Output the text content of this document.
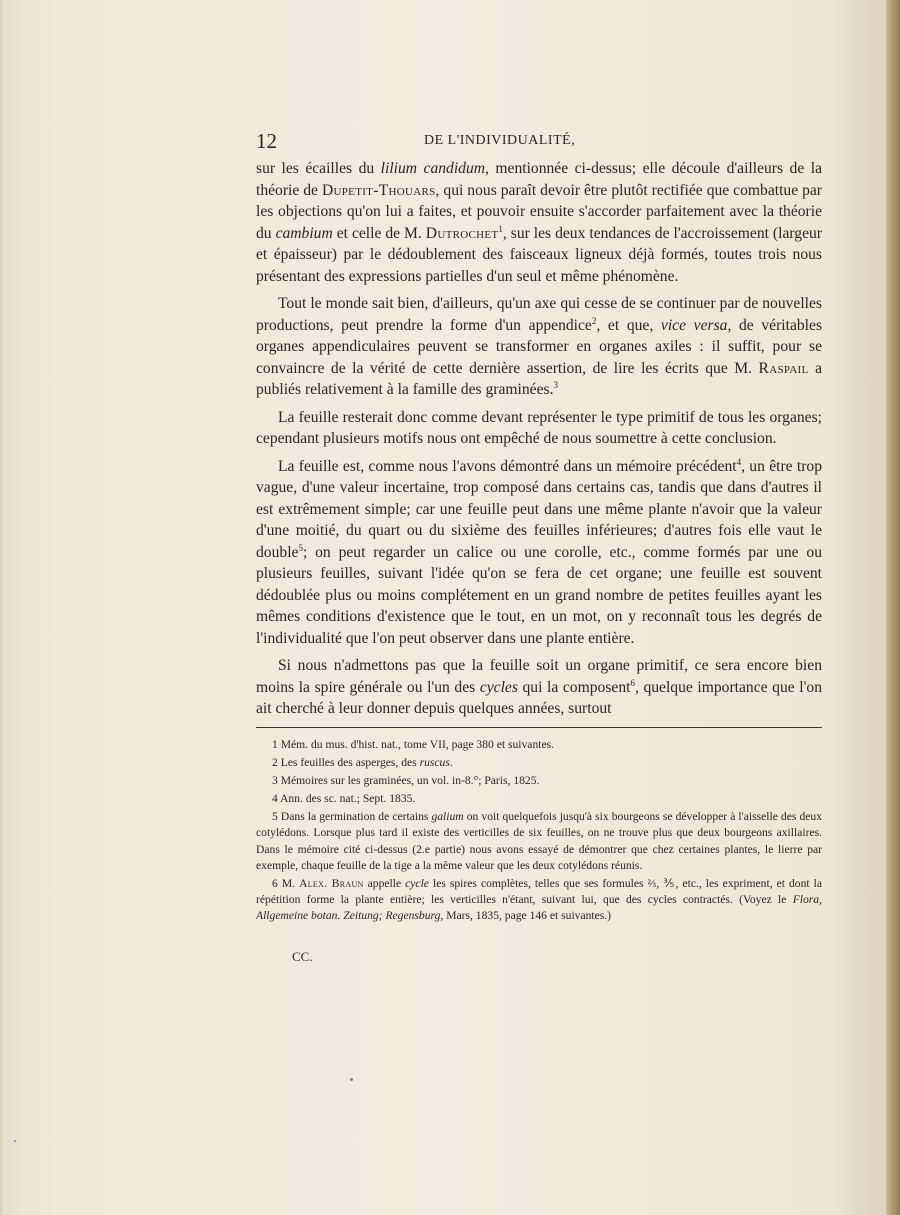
12	DE L'INDIVIDUALITÉ,

sur les écailles du lilium candidum, mentionnée ci-dessus; elle découle d'ailleurs de la théorie de Dupetit-Thouars, qui nous paraît devoir être plutôt rectifiée que combattue par les objections qu'on lui a faites, et pouvoir ensuite s'accorder parfaitement avec la théorie du cambium et celle de M. Dutrochet$^1$, sur les deux tendances de l'accroissement (largeur et épaisseur) par le dédoublement des faisceaux ligneux déjà formés, toutes trois nous présentant des expressions partielles d'un seul et même phénomène.

Tout le monde sait bien, d'ailleurs, qu'un axe qui cesse de se continuer par de nouvelles productions, peut prendre la forme d'un appendice$^2$, et que, vice versa, de véritables organes appendiculaires peuvent se transformer en organes axiles : il suffit, pour se convaincre de la vérité de cette dernière assertion, de lire les écrits que M. Raspail a publiés relativement à la famille des graminées.$^3$

La feuille resterait donc comme devant représenter le type primitif de tous les organes; cependant plusieurs motifs nous ont empêché de nous soumettre à cette conclusion.

La feuille est, comme nous l'avons démontré dans un mémoire précédent$^4$, un être trop vague, d'une valeur incertaine, trop composé dans certains cas, tandis que dans d'autres il est extrêmement simple; car une feuille peut dans une même plante n'avoir que la valeur d'une moitié, du quart ou du sixième des feuilles inférieures; d'autres fois elle vaut le double$^5$; on peut regarder un calice ou une corolle, etc., comme formés par une ou plusieurs feuilles, suivant l'idée qu'on se fera de cet organe; une feuille est souvent dédoublée plus ou moins complétement en un grand nombre de petites feuilles ayant les mêmes conditions d'existence que le tout, en un mot, on y reconnaît tous les degrés de l'individualité que l'on peut observer dans une plante entière.

Si nous n'admettons pas que la feuille soit un organe primitif, ce sera encore bien moins la spire générale ou l'un des cycles qui la composent$^6$, quelque importance que l'on ait cherché à leur donner depuis quelques années, surtout

1 Mém. du mus. d'hist. nat., tome VII, page 380 et suivantes.

2 Les feuilles des asperges, des ruscus.

3 Mémoires sur les graminées, un vol. in-8.°; Paris, 1825.

4 Ann. des sc. nat.; Sept. 1835.

5 Dans la germination de certains galium on voit quelquefois jusqu'à six bourgeons se développer à l'aisselle des deux cotylédons. Lorsque plus tard il existe des verticilles de six feuilles, on ne trouve plus que deux bourgeons axillaires. Dans le mémoire cité ci-dessus (2.e partie) nous avons essayé de démontrer que chez certaines plantes, le lierre par exemple, chaque feuille de la tige a la même valeur que les deux cotylédons réunis.

6 M. Alex. Braun appelle cycle les spires complètes, telles que ses formules ⅔, ⅗, etc., les expriment, et dont la répétition forme la plante entière; les verticilles n'étant, suivant lui, que des cycles contractés. (Voyez le Flora, Allgemeine botan. Zeitung; Regensburg, Mars, 1835, page 146 et suivantes.)

CC.
